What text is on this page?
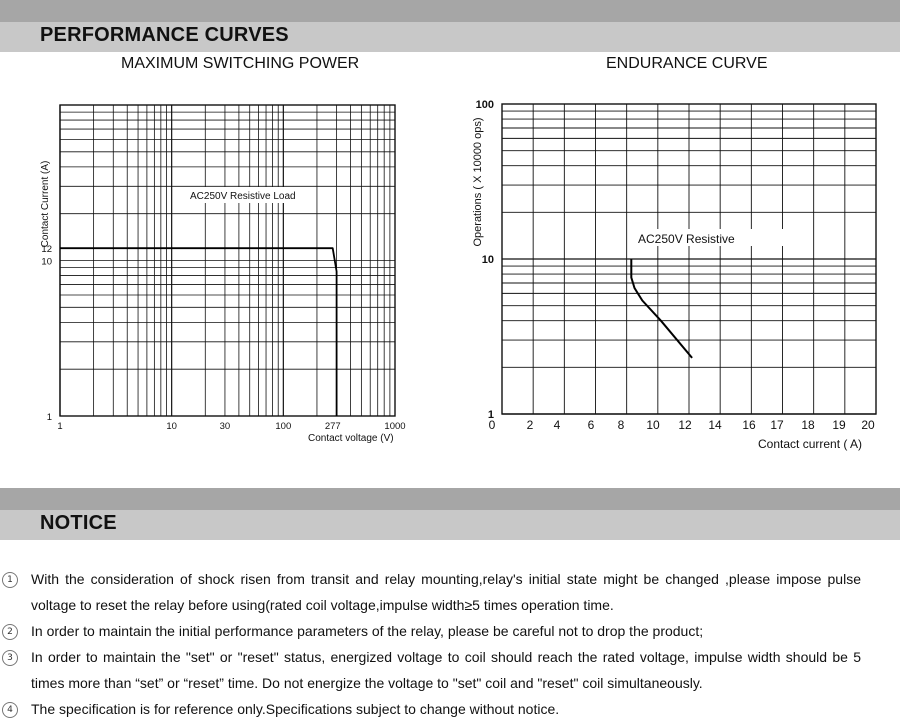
PERFORMANCE CURVES
MAXIMUM SWITCHING POWER	ENDURANCE CURVE
1	10	30	100	277	1000
1
10
12
Contact Current (A)
Contact voltage (V)
AC250V Resistive Load
0	2 4 6 8 10 12 14 16 17 18 19 20
1
10
100
Operations ( X 10000 ops)
Contact current ( A)
AC250V Resistive
NOTICE
1	With the consideration of shock risen from transit and relay mounting,relay's initial state might be changed ,please impose pulse voltage to reset the relay before using(rated coil voltage,impulse width≥5 times operation time.
2	In order to maintain the initial performance parameters of the relay, please be careful not to drop the product;
3	In order to maintain the "set" or "reset" status, energized voltage to coil should reach the rated voltage, impulse width should be 5 times more than “set” or “reset” time. Do not energize the voltage to "set" coil and "reset" coil simultaneously.
4	The specification is for reference only.Specifications subject to change without notice.
